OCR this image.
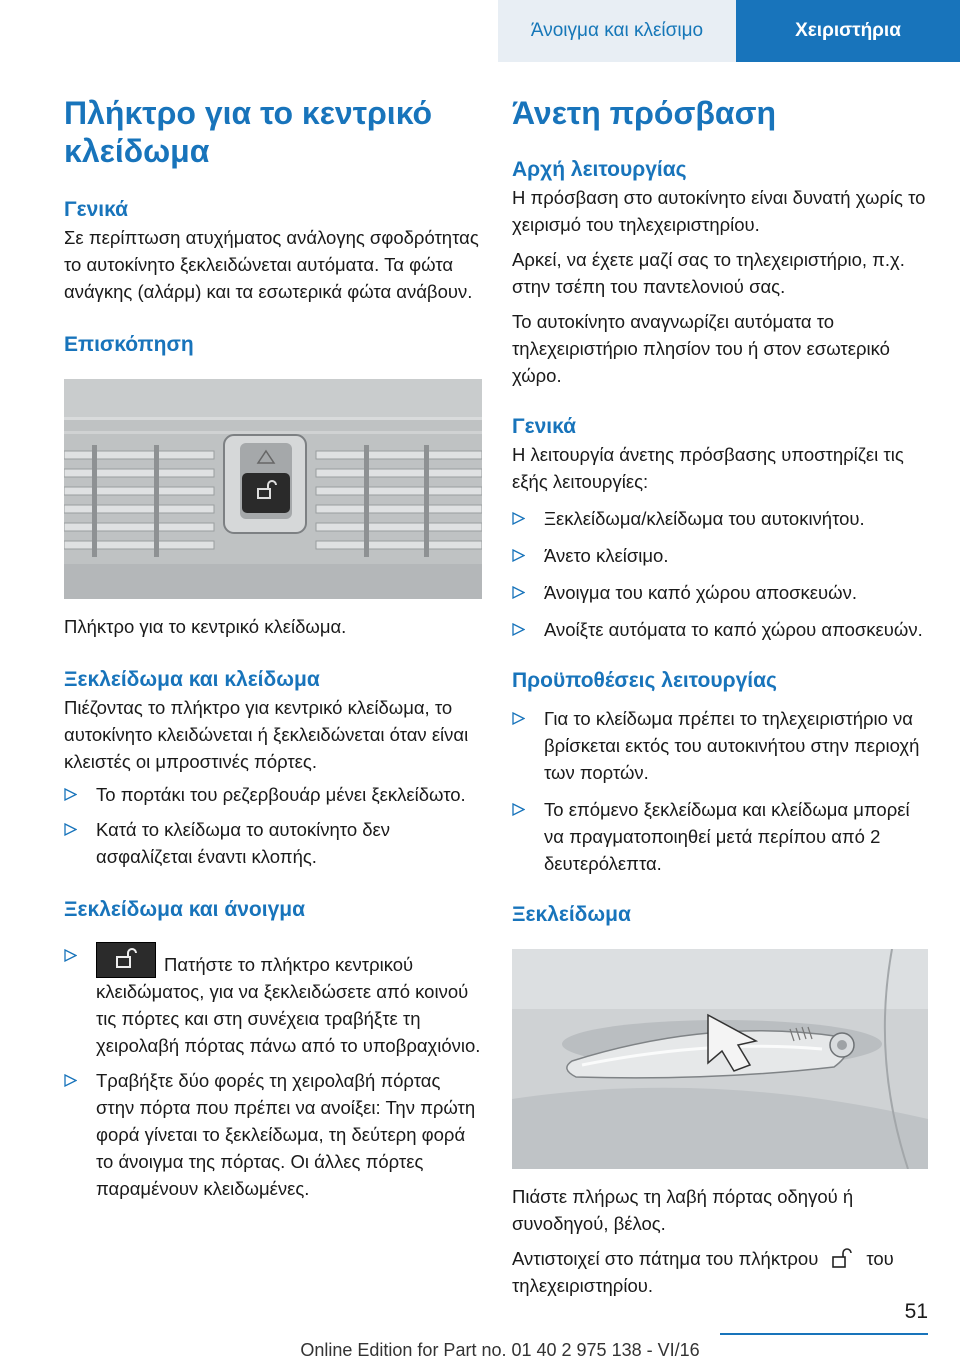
Άνοιγμα και κλείσιμο	Χειριστήρια
Πλήκτρο για το κεντρικό κλείδωμα
Γενικά

Σε περίπτωση ατυχήματος ανάλογης σφοδρότητας το αυτοκίνητο ξεκλειδώνεται αυτόματα. Τα φώτα ανάγκης (αλάρμ) και τα εσωτερικά φώτα ανάβουν.

Επισκόπηση

Πλήκτρο για το κεντρικό κλείδωμα.

Ξεκλείδωμα και κλείδωμα

Πιέζοντας το πλήκτρο για κεντρικό κλείδωμα, το αυτοκίνητο κλειδώνεται ή ξεκλειδώνεται όταν είναι κλειστές οι μπροστινές πόρτες.

Το πορτάκι του ρεζερβουάρ μένει ξεκλείδωτο.
Κατά το κλείδωμα το αυτοκίνητο δεν ασφαλίζεται έναντι κλοπής.
Ξεκλείδωμα και άνοιγμα
Πατήστε το πλήκτρο κεντρικού κλειδώματος, για να ξεκλειδώσετε από κοινού τις πόρτες και στη συνέχεια τραβήξτε τη χειρολαβή πόρτας πάνω από το υποβραχιόνιο.
Τραβήξτε δύο φορές τη χειρολαβή πόρτας στην πόρτα που πρέπει να ανοίξει: Την πρώτη φορά γίνεται το ξεκλείδωμα, τη δεύτερη φορά το άνοιγμα της πόρτας. Οι άλλες πόρτες παραμένουν κλειδωμένες.
Άνετη πρόσβαση
Αρχή λειτουργίας

Η πρόσβαση στο αυτοκίνητο είναι δυνατή χωρίς το χειρισμό του τηλεχειριστηρίου.

Αρκεί, να έχετε μαζί σας το τηλεχειριστήριο, π.χ. στην τσέπη του παντελονιού σας.

Το αυτοκίνητο αναγνωρίζει αυτόματα το τηλεχειριστήριο πλησίον του ή στον εσωτερικό χώρο.

Γενικά

Η λειτουργία άνετης πρόσβασης υποστηρίζει τις εξής λειτουργίες:

Ξεκλείδωμα/κλείδωμα του αυτοκινήτου.
Άνετο κλείσιμο.
Άνοιγμα του καπό χώρου αποσκευών.
Ανοίξτε αυτόματα το καπό χώρου αποσκευών.
Προϋποθέσεις λειτουργίας
Για το κλείδωμα πρέπει το τηλεχειριστήριο να βρίσκεται εκτός του αυτοκινήτου στην περιοχή των πορτών.
Το επόμενο ξεκλείδωμα και κλείδωμα μπορεί να πραγματοποιηθεί μετά περίπου από 2 δευτερόλεπτα.
Ξεκλείδωμα

Πιάστε πλήρως τη λαβή πόρτας οδηγού ή συνοδηγού, βέλος.

Αντιστοιχεί στο πάτημα του πλήκτρου	του τηλεχειριστηρίου.

51
Online Edition for Part no. 01 40 2 975 138 - VI/16
